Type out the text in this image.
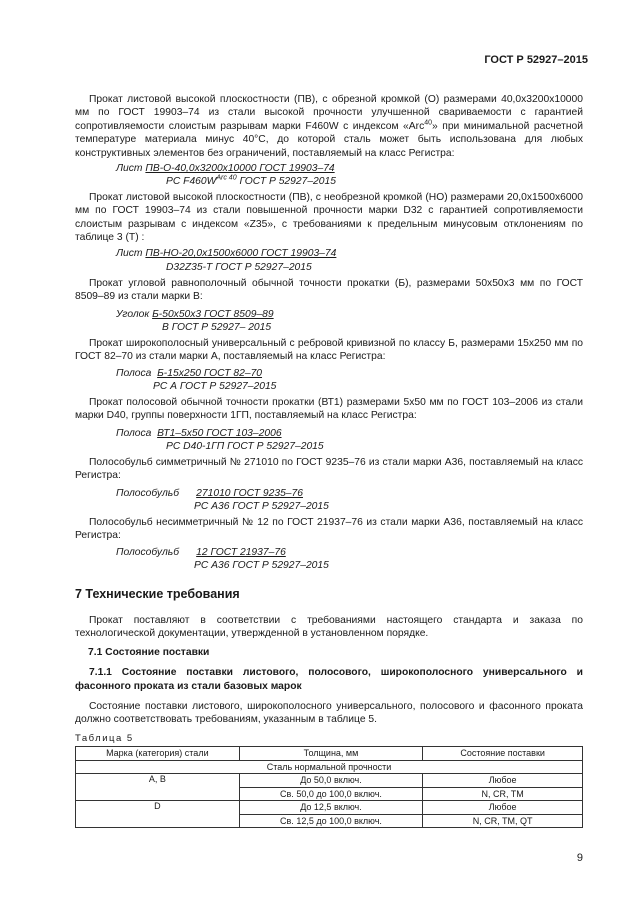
ГОСТ Р 52927–2015
Прокат листовой высокой плоскостности (ПВ), с обрезной кромкой (О) размерами 40,0х3200х10000 мм по ГОСТ 19903–74 из стали высокой прочности улучшенной свариваемости с гарантией сопротивляемости слоистым разрывам марки F460W с индексом «Arc$^{40}$» при минимальной расчетной температуре материала минус 40°С, до которой сталь может быть использована для любых конструктивных элементов без ограничений, поставляемый на класс Регистра:
Лист ПВ-О-40,0х3200х10000 ГОСТ 19903–74
РС $F460W^{Arc 40}$ ГОСТ Р 52927–2015
Прокат листовой высокой плоскостности (ПВ), с необрезной кромкой (НО) размерами 20,0х1500х6000 мм по ГОСТ 19903–74 из стали повышенной прочности марки D32 с гарантией сопротивляемости слоистым разрывам с индексом «Z35», с требованиями к предельным минусовым отклонениям по таблице 3 (Т) :
Лист ПВ-НО-20,0х1500х6000 ГОСТ 19903–74
D32Z35-Т ГОСТ Р 52927–2015
Прокат угловой равнополочный обычной точности прокатки (Б), размерами 50х50х3 мм по ГОСТ 8509–89 из стали марки В:
Уголок Б-50х50х3 ГОСТ 8509–89
В ГОСТ Р 52927– 2015
Прокат широкополосный универсальный с ребровой кривизной по классу Б, размерами 15х250 мм по ГОСТ 82–70 из стали марки А, поставляемый на класс Регистра:
Полоса Б-15х250 ГОСТ 82–70
РС А ГОСТ Р 52927–2015
Прокат полосовой обычной точности прокатки (ВТ1) размерами 5х50 мм по ГОСТ 103–2006 из стали марки D40, группы поверхности 1ГП, поставляемый на класс Регистра:
Полоса ВТ1–5х50 ГОСТ 103–2006
РС D40-1ГП ГОСТ Р 52927–2015
Полособульб симметричный № 271010 по ГОСТ 9235–76 из стали марки А36, поставляемый на класс Регистра:
Полособульб 271010 ГОСТ 9235–76
РС А36 ГОСТ Р 52927–2015
Полособульб несимметричный № 12 по ГОСТ 21937–76 из стали марки А36, поставляемый на класс Регистра:
Полособульб 12 ГОСТ 21937–76
РС А36 ГОСТ Р 52927–2015
7 Технические требования
Прокат поставляют в соответствии с требованиями настоящего стандарта и заказа по технологической документации, утвержденной в установленном порядке.
7.1 Состояние поставки
7.1.1 Состояние поставки листового, полосового, широкополосного универсального и фасонного проката из стали базовых марок
Состояние поставки листового, широкополосного универсального, полосового и фасонного проката должно соответствовать требованиям, указанным в таблице 5.
Таблица 5
Марка (категория) стали	Толщина, мм	Состояние поставки
Сталь нормальной прочности		
А, В	До 50,0 включ.	Любое
	Св. 50,0 до 100,0 включ.	N, CR, TM
D	До 12,5 включ.	Любое
	Св. 12,5 до 100,0 включ.	N, CR, TM, QT
9
